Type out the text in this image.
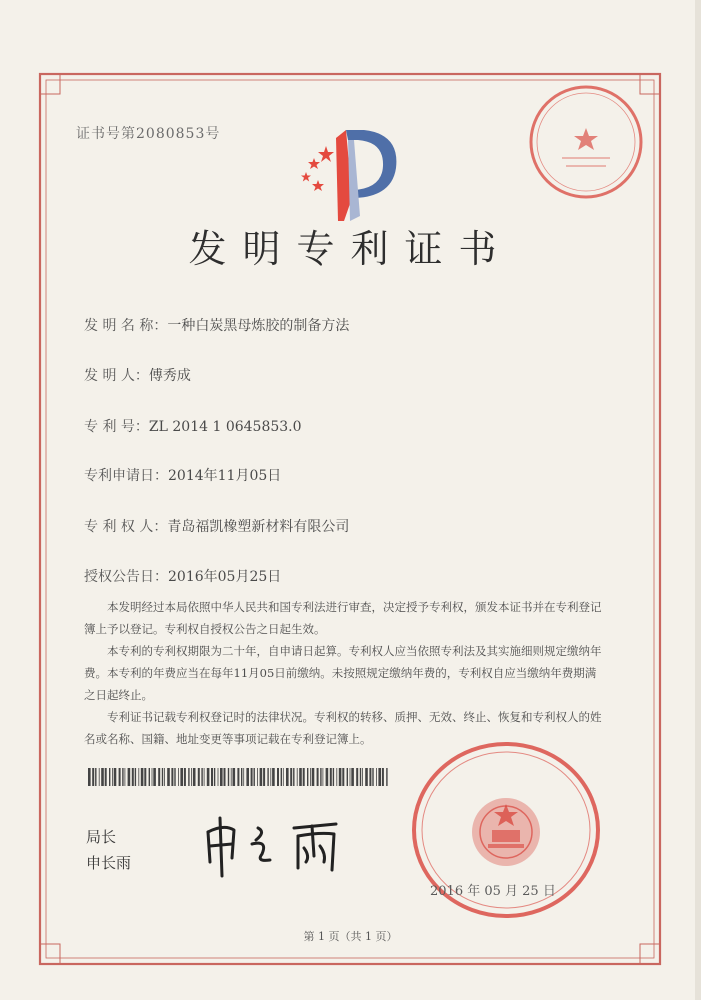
证书号第2080853号
发明专利证书
发 明 名 称：一种白炭黑母炼胶的制备方法
发 明 人：傅秀成
专 利 号：ZL 2014 1 0645853.0
专利申请日：2014年11月05日
专 利 权 人：青岛福凯橡塑新材料有限公司
授权公告日：2016年05月25日

本发明经过本局依照中华人民共和国专利法进行审查，决定授予专利权，颁发本证书并在专利登记簿上予以登记。专利权自授权公告之日起生效。

本专利的专利权期限为二十年，自申请日起算。专利权人应当依照专利法及其实施细则规定缴纳年费。本专利的年费应当在每年11月05日前缴纳。未按照规定缴纳年费的，专利权自应当缴纳年费期满之日起终止。

专利证书记载专利权登记时的法律状况。专利权的转移、质押、无效、终止、恢复和专利权人的姓名或名称、国籍、地址变更等事项记载在专利登记簿上。

局长
申长雨
2016 年 05 月 25 日
第 1 页（共 1 页）
